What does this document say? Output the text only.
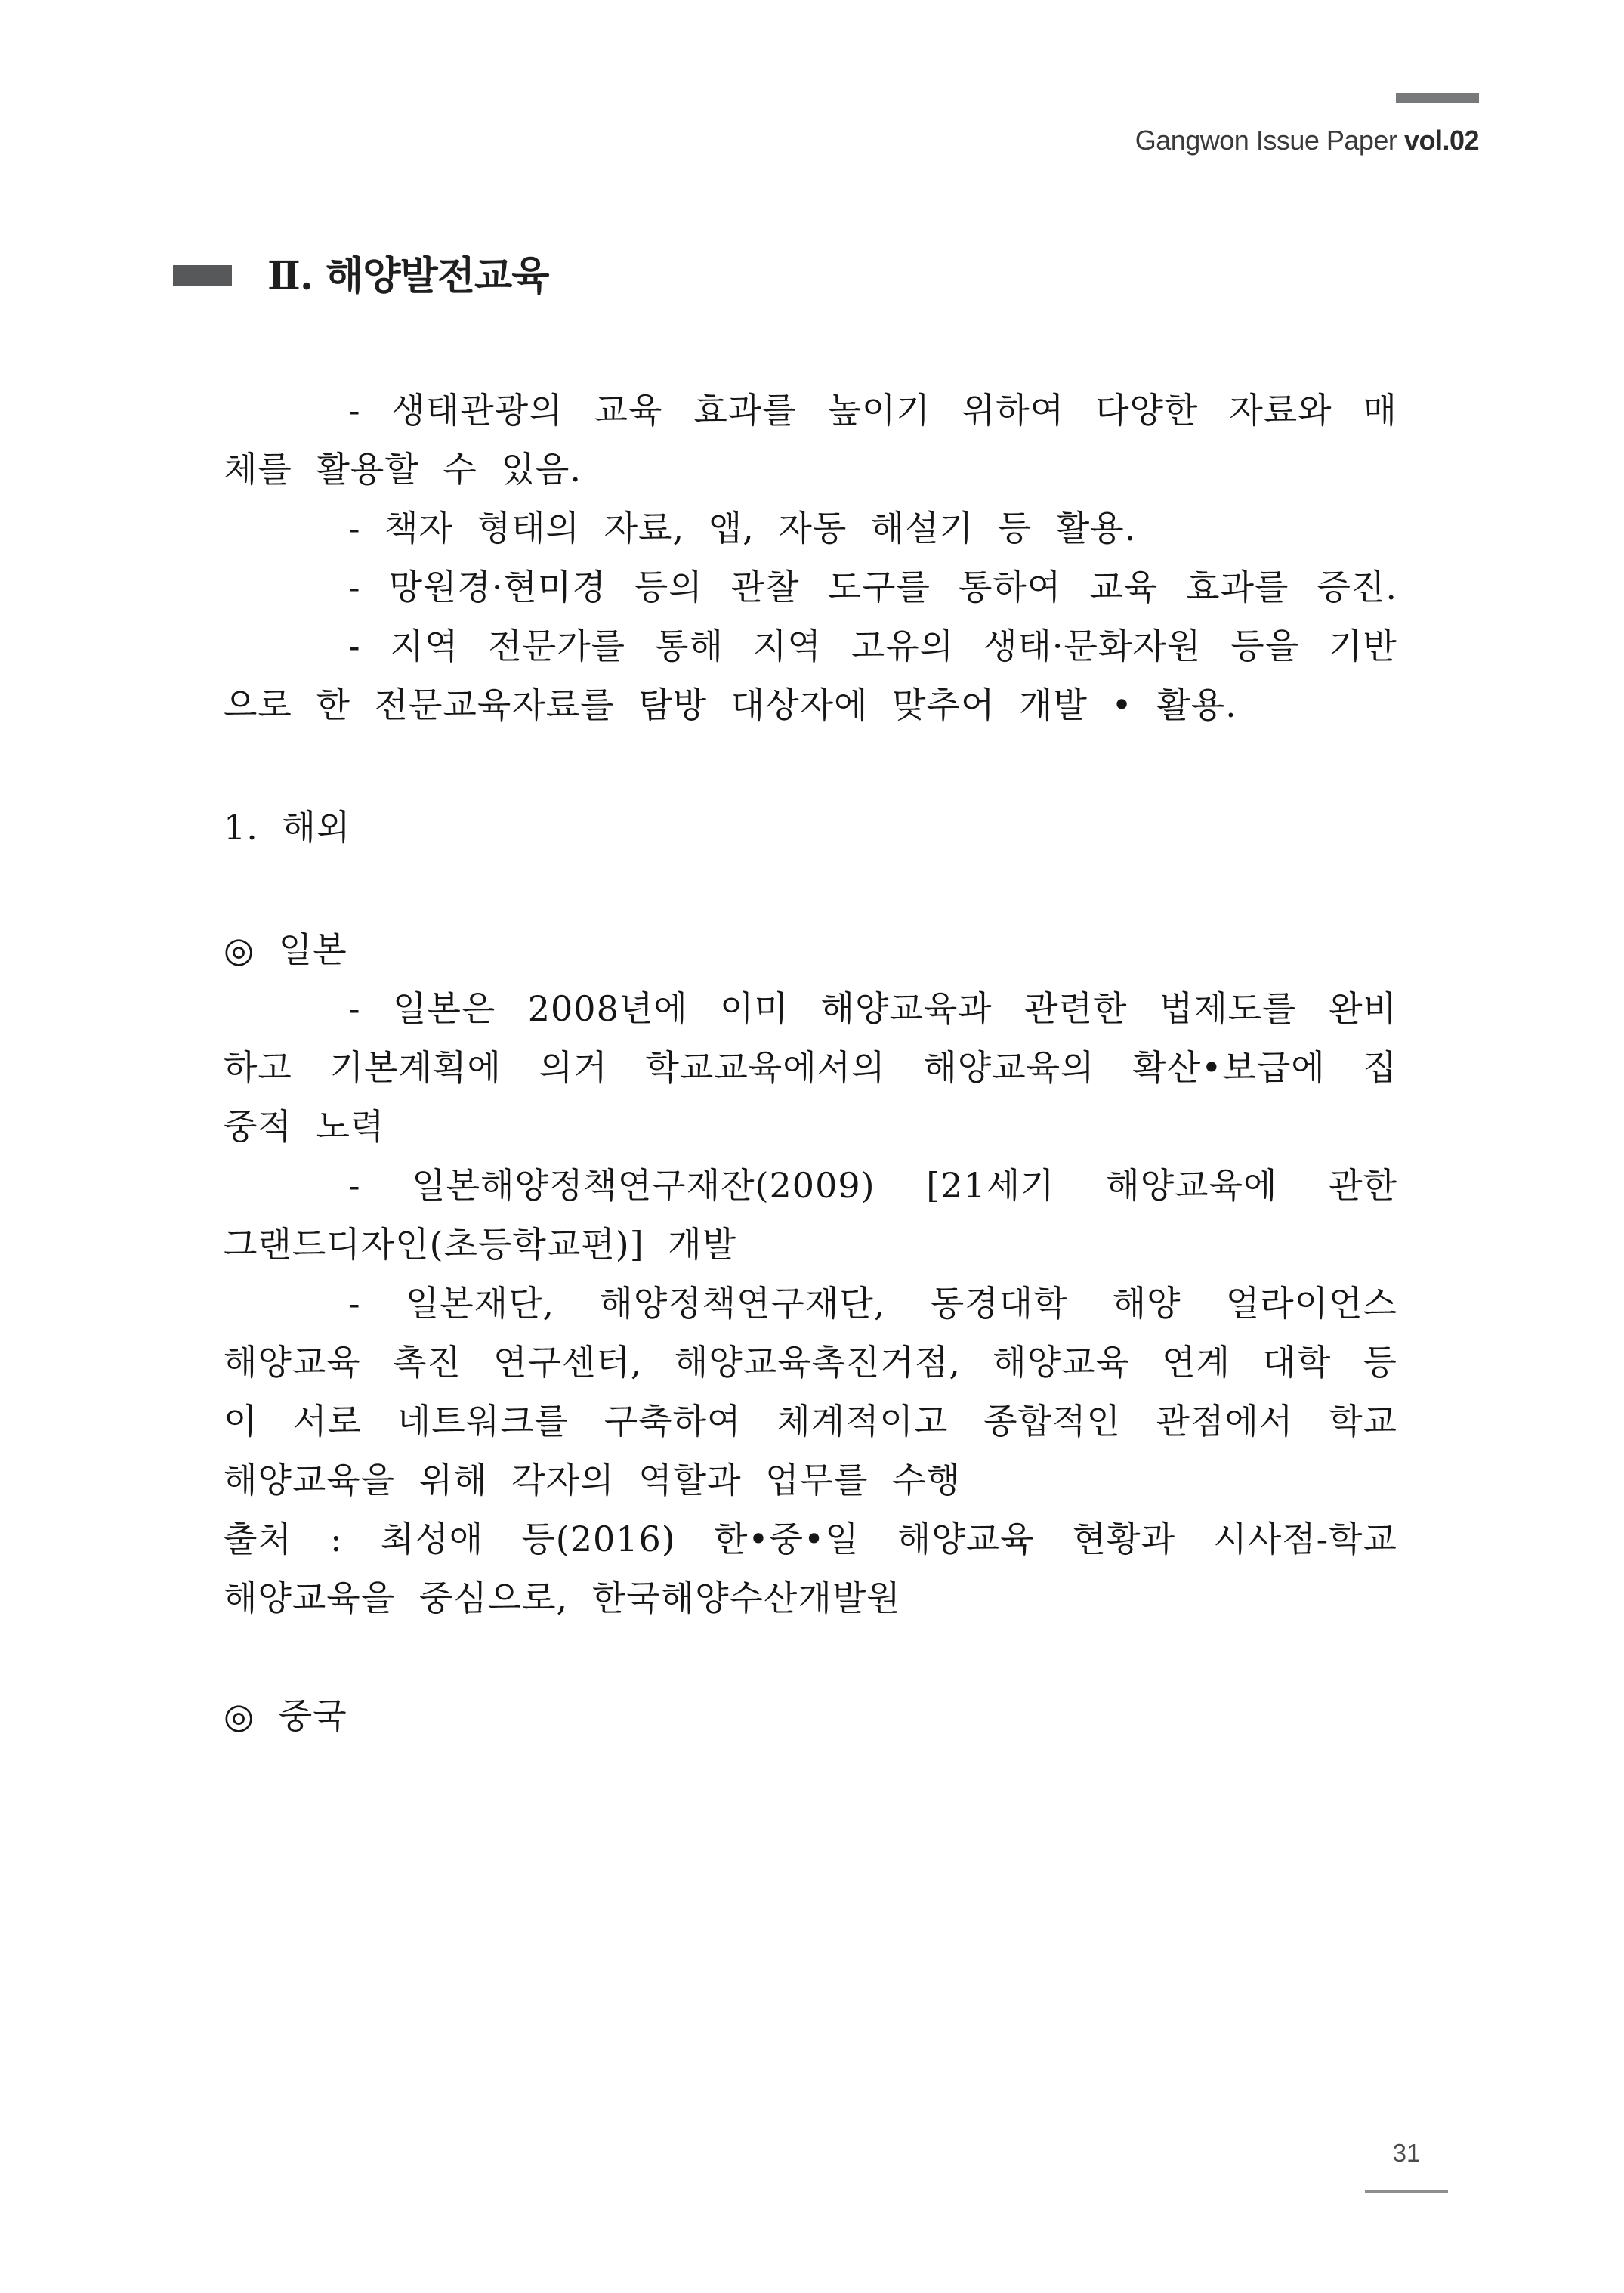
Gangwon Issue Paper vol.02
Ⅱ. 해양발전교육
- 생태관광의 교육 효과를 높이기 위하여 다양한 자료와 매
체를 활용할 수 있음.
- 책자 형태의 자료, 앱, 자동 해설기 등 활용.
- 망원경·현미경 등의 관찰 도구를 통하여 교육 효과를 증진.
- 지역 전문가를 통해 지역 고유의 생태·문화자원 등을 기반
으로 한 전문교육자료를 탐방 대상자에 맞추어 개발 • 활용.
1. 해외
◎ 일본
- 일본은 2008년에 이미 해양교육과 관련한 법제도를 완비
하고 기본계획에 의거 학교교육에서의 해양교육의 확산•보급에 집
중적 노력
- 일본해양정책연구재잔(2009) [21세기 해양교육에 관한
그랜드디자인(초등학교편)] 개발
- 일본재단, 해양정책연구재단, 동경대학 해양 얼라이언스
해양교육 촉진 연구센터, 해양교육촉진거점, 해양교육 연계 대학 등
이 서로 네트워크를 구축하여 체계적이고 종합적인 관점에서 학교
해양교육을 위해 각자의 역할과 업무를 수행
출처 : 최성애 등(2016) 한•중•일 해양교육 현황과 시사점-학교
해양교육을 중심으로, 한국해양수산개발원
◎ 중국
31
